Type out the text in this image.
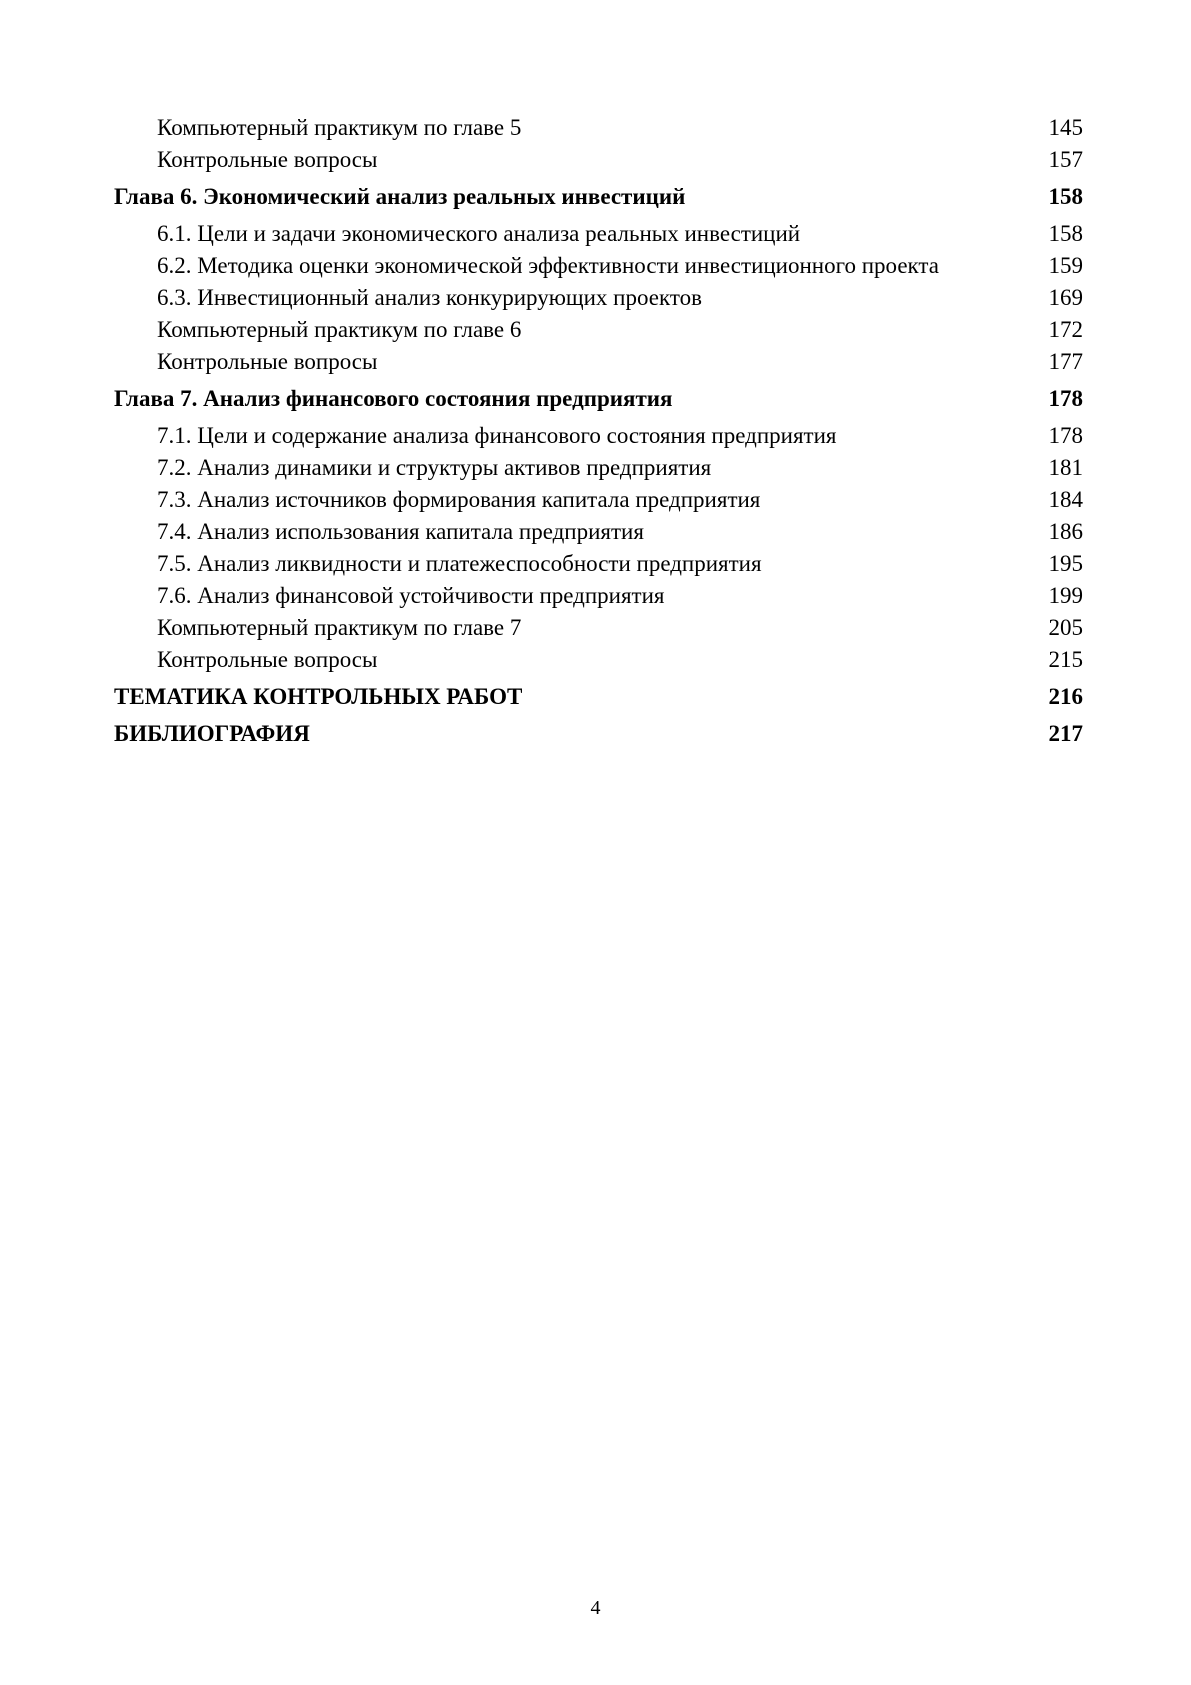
Компьютерный практикум по главе 5 .....	145
Контрольные вопросы .....	157
Глава 6. Экономический анализ реальных инвестиций .....	158
6.1. Цели и задачи экономического анализа реальных инвестиций .....	158
6.2. Методика оценки экономической эффективности инвестиционного проекта .....	159
6.3. Инвестиционный анализ конкурирующих проектов .....	169
Компьютерный практикум по главе 6 .....	172
Контрольные вопросы .....	177
Глава 7. Анализ финансового состояния предприятия .....	178
7.1. Цели и содержание анализа финансового состояния предприятия .....	178
7.2. Анализ динамики и структуры активов предприятия .....	181
7.3. Анализ источников формирования капитала предприятия .....	184
7.4. Анализ использования капитала предприятия .....	186
7.5. Анализ ликвидности и платежеспособности предприятия .....	195
7.6. Анализ финансовой устойчивости предприятия .....	199
Компьютерный практикум по главе 7 .....	205
Контрольные вопросы .....	215
ТЕМАТИКА КОНТРОЛЬНЫХ РАБОТ .....	216
БИБЛИОГРАФИЯ .....	217
4
